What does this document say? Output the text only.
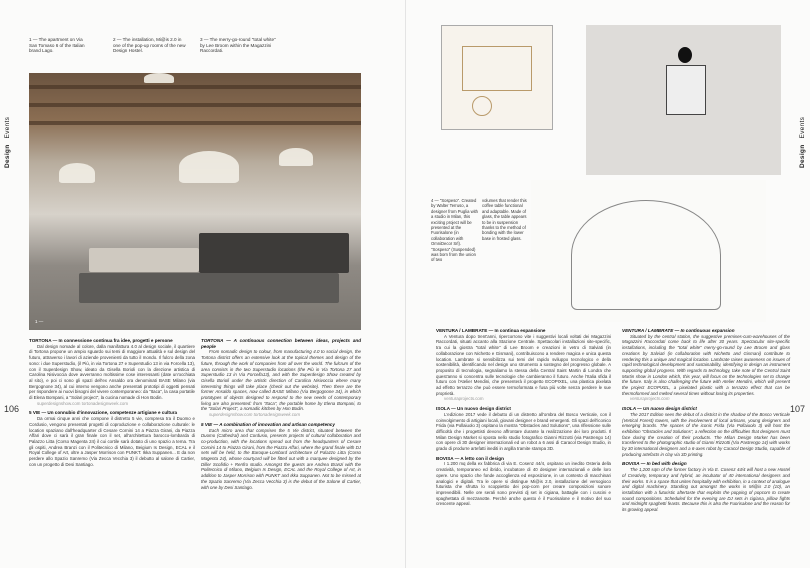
DesignEvents
106
1 — The apartment on Via San Tomaso 6 of the Italian brand Lago.
2 — The installation, Mi@is 2.0 in one of the pop-up rooms of the new Design Hostel.
3 — The merry-go-round "total white" by Lee Broom within the Magazzini Raccordati.
1 —
TORTONA — In connessione continua fra idee, progetti e persone

Dal design nomade al colore, dalla manifattura 4.0 al design sociale, il quartiere di Tortona propone un ampio sguardo sui temi di maggiore attualità e sul design del futuro, attraverso i lavori di aziende provenienti da tutto il mondo. Il fulcro della zona sono: i due Superstudio, (il Più, in via Tortona 27 e Superstudio 13 in via Forcella 13), con il Superdesign Show, ideato da Gisella Borioli con la direzione artistica di Carolina Nisivoccia dove avverranno moltissime cose interessanti (date un'occhiata al sito), e poi ci sono gli spazi dell'ex Ansaldo ora denominati BASE Milano (via Bergognone 34), al cui interno vengono anche presentati prototipi di oggetti pensati per rispondere ai nuovi bisogni del vivere contemporaneo: da "Itaca", la casa portatile di Elena Bompani, a "Solari project", la cucina nomade di Hon Bodin.

superdesignshow.com tortonadesignweek.com

5 VIE — Un connubio d'innovazione, competenze artigiane e cultura

Da ormai cinque anni che compone il distretto 5 vie, compresa tra il Duomo e Cordusio, vengono presentati progetti di coproduzione e collaborazione culturale: le location spaziano dall'headquarter di Cesare Cornini 14 a Piazza Girani, da Piazza Affari dove ci sarà il gran finale con il set, all'architettura barocco-lombarda di Palazzo Litta (Corso Magenta 24) il cui cortile sarà dotato di uno spazio a tema. Tra gli ospiti, Andrea Branzi con il Politecnico di Milano, Beigium Is Design, ECAL e il Royal College of Art, oltre a Jasper Morrison con PUNKT. Ikka Suppanen... E da non perdere allo Spazio Sanremo (Via Zecca Vecchia 3) il debutto al salone di Cartier, con un progetto di Desi Santiago.

TORTONA — A continuous connection between ideas, projects and people

From nomadic design to colour, from manufacturing 4.0 to social design, the Tortona district offers an extensive look at the topical themes and design of the future, through the work of companies from all over the world. The fulcrum of the area consists in the two Superstudio locations (the Più in Via Tortona 27 and Superstudio 13 in Via Forcella13), and with the Superdesign Show created by Gisella Borioli under the artistic direction of Carolina Nisivoccia where many interesting things will take place (check out the website). Then there are the former Ansaldo spaces, now called BASE Milano (Via Bergognone 34), in which prototypes of objects designed to respond to the new needs of contemporary living are also presented: from "Itaca", the portable home by Elena Bompani, to the "Solari Project", a nomadic kitchen by Hon Bodin.

superdesignshow.com tortonadesignweek.com

5 VIE — A combination of innovation and artisan competency

Each micro area that comprises the 5 Vie district, situated between the Duomo (Cathedral) and Cordusio, presents projects of cultural collaboration and co-production, with the locations spread out from the headquarters of Cesare Cornini 14 to Piazza Girani, from the Piazza Affari, where the grand finale with DJ sets will be held, to the Baroque-Lombard architecture of Palazzo Litta (Corso Magenta 24), whose courtyard will be fitted out with a marquee designed by the Diller Scofidio + Renfro studio. Amongst the guests are Andrea Branzi with the Politecnico di Milano, Belgium Is Design, ECAL and the Royal College of Art, in addition to Jasper Morrison with PUNKT and Ikka Suppanen. Not to be missed at the Spazio Sanremo (Via Zecca Vecchia 3) is the debut of the Salone di Cartier, with one by Desi Santiago.

DesignEvents
107
4 — "Sospeso". Created by Walter Terruso, a designer from Puglia with a studio in Milan, this exciting project will be presented at the Fuorisalone (in collaboration with OmniDecor Srl). "Sospeso" (Suspended) was born from the union of two
volumes that render this coffee table functional and adaptable. Made of glass, the table appears to be in suspension thanks to the method of bonding with the lower base in frosted glass.
VENTURA / LAMBRATE — In continua espansione

A Ventura dopo trent'anni, ripercorrono vite i suggestivi locali voltati dei Magazzini Raccordati, situati accanto alla Stazione Centrale. Spettacolari installazioni site-specific, tra cui la giostra "total white" di Lee Broom e creazioni in vetro di Salviati (in collaborazione con Nichetto e Gismani), contribuiscono a rendere magica e unica questa location. Lambrate si sensibilizza sui temi del rapido sviluppo tecnologico e della sostenibilità, identificando nel design uno strumento a sostegno del progresso globale. A proposito di tecnologia, segnaliamo la stessa della Central Saint Martin di Londra che quest'anno si concentra sulle tecnologie che cambieranno il futuro. Anche l'Italia sfida il futuro con l'Atelier Mendini, che presenterà il progetto ECOPIXEL, una plastica pixelata ad effetto terrazzo che può essere termoformata e fusa più volte senza perdere le sue proprietà.

venturaprojects.com

ISOLA — Un nuovo design district

L'edizione 2017 vede il debutto di un distretto all'ombra del Bosco Verticale, con il coinvolgimento di artigiani locali, giovani designer e brand emergenti. Gli spazi dell'iconico Frida (via Pollaiuolo 3) ospitano la mostra "Obstacles and Solutions", una riflessione sulle difficoltà che i progettisti devono affrontare durante la realizzazione dei loro prodotti. Il Milan Design Market si sposta nello studio fotografico Gianni Rizzotti (via Pastrengo 14) con opere di 30 designer internazionali ed un robot a 6 assi di Caracol Design Studio, in grado di produrre artefatti inediti in argilla tramite stampa 3D.

BOVISA — A letto con il design

I 1.200 mq della ex fabbrica di via E. Cosenz 44/4, ospitano un inedito Osteria della creatività, temporaneo ed ibrido, incubatore di 40 designer internazionali e delle loro opere. Uno spazio che fonde accoglienza ed esposizione, in un contesto di macchinari analogici e digitali. Tra le opere si distingue Mi@is 2.0, installazione del versogioco futurista che sfrutta lo scoppiettio dei pop-corn per creare composizioni sonore imprevedibili. Nelle ore serali sono previsti dj set in cigiana, battaglie con i cuscini e spaghettata di mezzanotte. Perché anche questo è il Fuorisalone e il motivo del suo crescente appeal.

VENTURA / LAMBRATE — In continuous expansion

Situated by the central station, the suggestive premises-cum-warehouses of the Magazzini Raccordati come back to life after 30 years. Spectacular site-specific installations, including the "total white" merry-go-round by Lee Broom and glass creations by Salviati (in collaboration with Nichetto and Gismani) contribute to rendering this a unique and magical location. Lambrate raises awareness on issues of rapid technological development and sustainability, identifying in design an instrument supporting global progress. With regards to technology, take note of the Central Saint Martin show in London which, this year, will focus on the technologies set to change the future. Italy is also challenging the future with Atelier Mendini, which will present the project ECOPIXEL, a pixelated plastic with a terrazzo effect that can be thermoformed and melted several times without losing its properties.

venturaprojects.com

ISOLA — Un nuovo design district

The 2017 Edition sees the debut of a district in the shadow of the Bosco Verticale (Vertical Forest) towers, with the involvement of local artisans, young designers and emerging brands. The spaces of the iconic Frida (Via Pollaiuolo 3) will host the exhibition "Obstacles and Solutions", a reflection on the difficulties that designers must face during the creation of their products. The Milan Design Market has been transferred to the photographic studio of Gianni Rizzotti (Via Pastrengo 14) with works by 30 international designers and a 6-axes robot by Caracol Design Studio, capable of producing artefacts in clay via 3D printing.

BOVISA — In bed with design

The 1,200 sqm of the former factory in Via E. Cosenz 44/4 will host a new Hostel of Creativity, temporary and hybrid, an incubator of 40 international designers and their works. It is a space that unites hospitality with exhibition, in a context of analogue and digital machinery. Standing out amongst the works is Mi@is 2.0 (10), an installation with a futuristic aftertaste that exploits the popping of popcorn to create sound compositions. Scheduled for the evening are DJ sets in cigiana, pillow fights and midnight spaghetti feasts. Because this is also the Fuorisalone and the reason for its growing appeal.
